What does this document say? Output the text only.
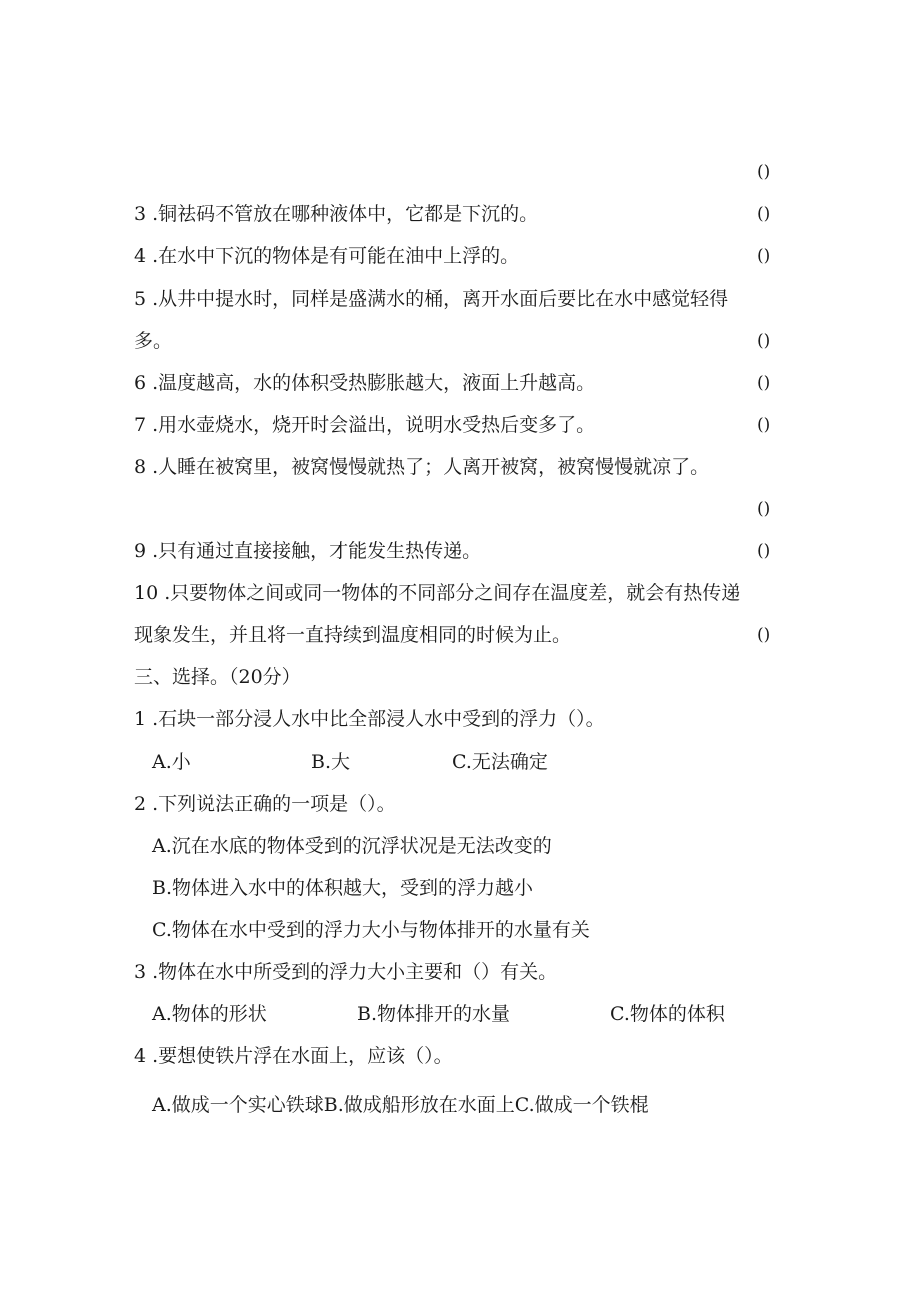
()
3 .铜祛码不管放在哪种液体中，它都是下沉的。	()
4 .在水中下沉的物体是有可能在油中上浮的。	()
5 .从井中提水时，同样是盛满水的桶，离开水面后要比在水中感觉轻得
多。	()
6 .温度越高，水的体积受热膨胀越大，液面上升越高。	()
7 .用水壶烧水，烧开时会溢出，说明水受热后变多了。	()
8 .人睡在被窝里，被窝慢慢就热了；人离开被窝，被窝慢慢就凉了。
()
9 .只有通过直接接触，才能发生热传递。	()
10 .只要物体之间或同一物体的不同部分之间存在温度差，就会有热传递
现象发生，并且将一直持续到温度相同的时候为止。	()
三、选择。（20分）
1 .石块一部分浸人水中比全部浸人水中受到的浮力（）。
A.小	B.大	C.无法确定
2 .下列说法正确的一项是（）。
A.沉在水底的物体受到的沉浮状况是无法改变的
B.物体进入水中的体积越大，受到的浮力越小
C.物体在水中受到的浮力大小与物体排开的水量有关
3 .物体在水中所受到的浮力大小主要和（）有关。
A.物体的形状	B.物体排开的水量	C.物体的体积
4 .要想使铁片浮在水面上，应该（）。
A.做成一个实心铁球B.做成船形放在水面上C.做成一个铁棍
